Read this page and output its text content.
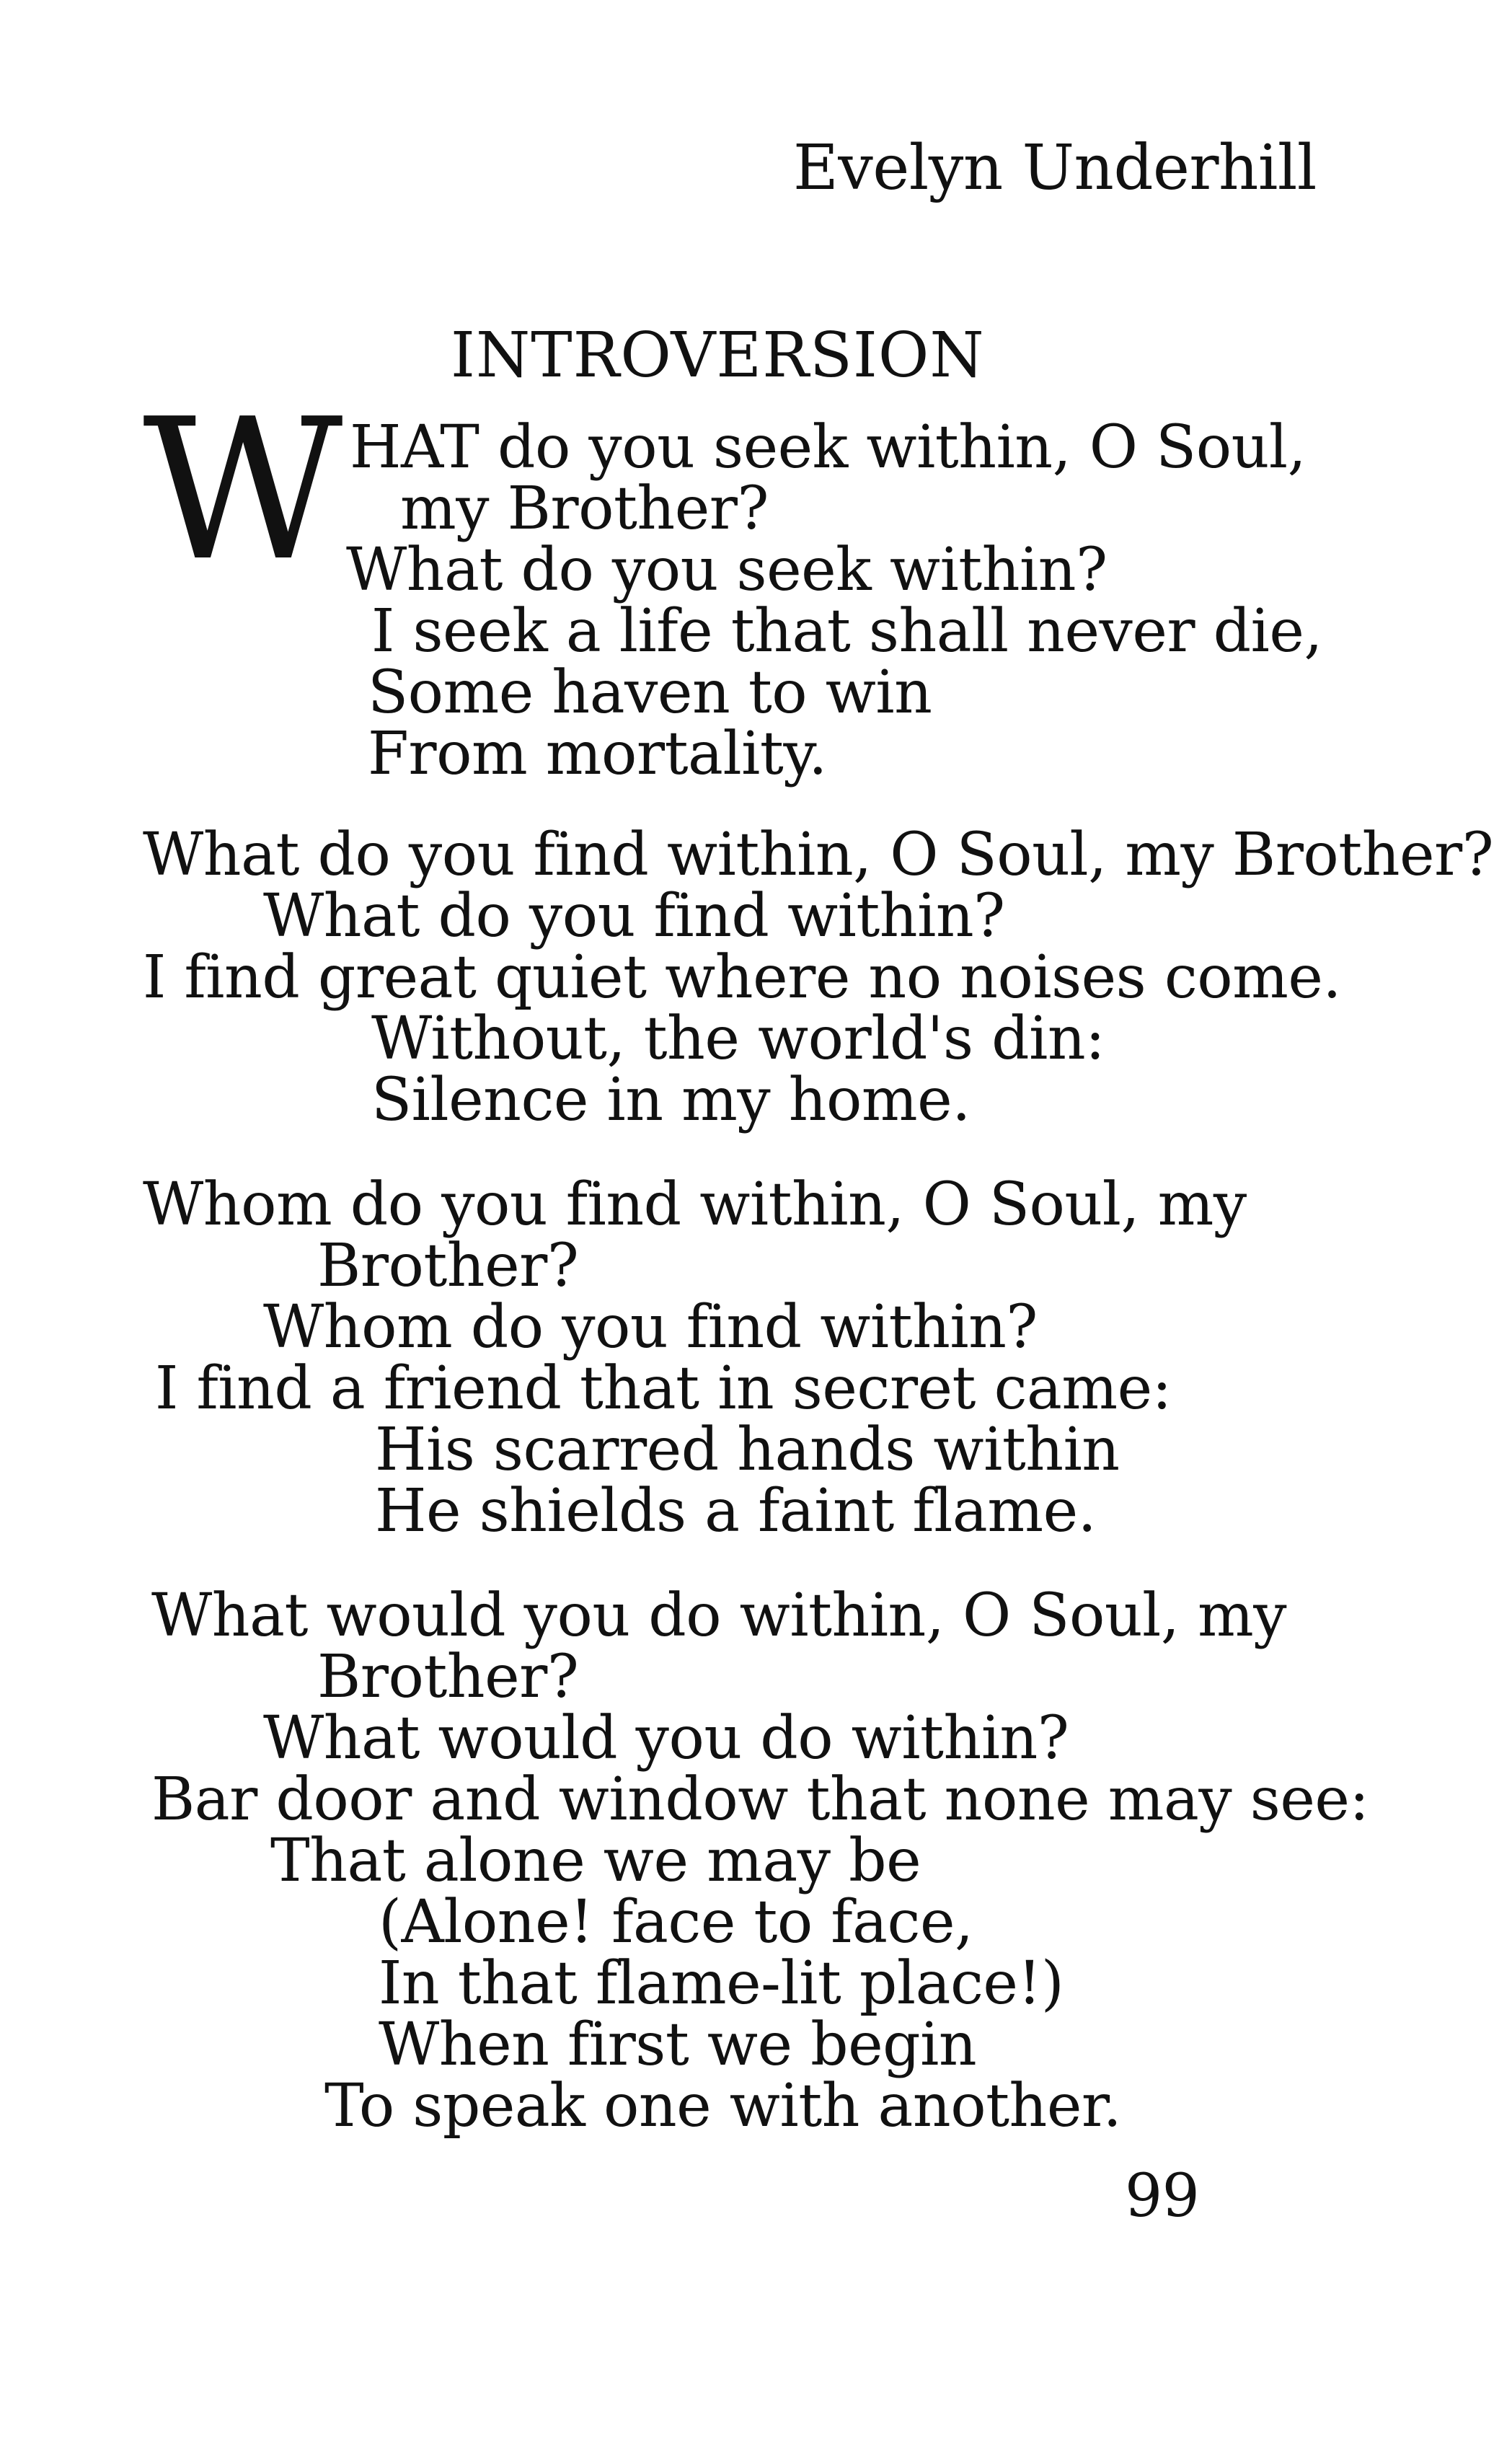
Evelyn Underhill

INTROVERSION

W HAT do you seek within, O Soul,

my Brother?

What do you seek within?

I seek a life that shall never die,

Some haven to win

From mortality.

What do you find within, O Soul, my Brother?

What do you find within?

I find great quiet where no noises come.

Without, the world's din:

Silence in my home.

Whom do you find within, O Soul, my

Brother?

Whom do you find within?

I find a friend that in secret came:

His scarred hands within

He shields a faint flame.

What would you do within, O Soul, my

Brother?

What would you do within?

Bar door and window that none may see:

That alone we may be

(Alone! face to face,

In that flame-lit place!)

When first we begin

To speak one with another.

99
